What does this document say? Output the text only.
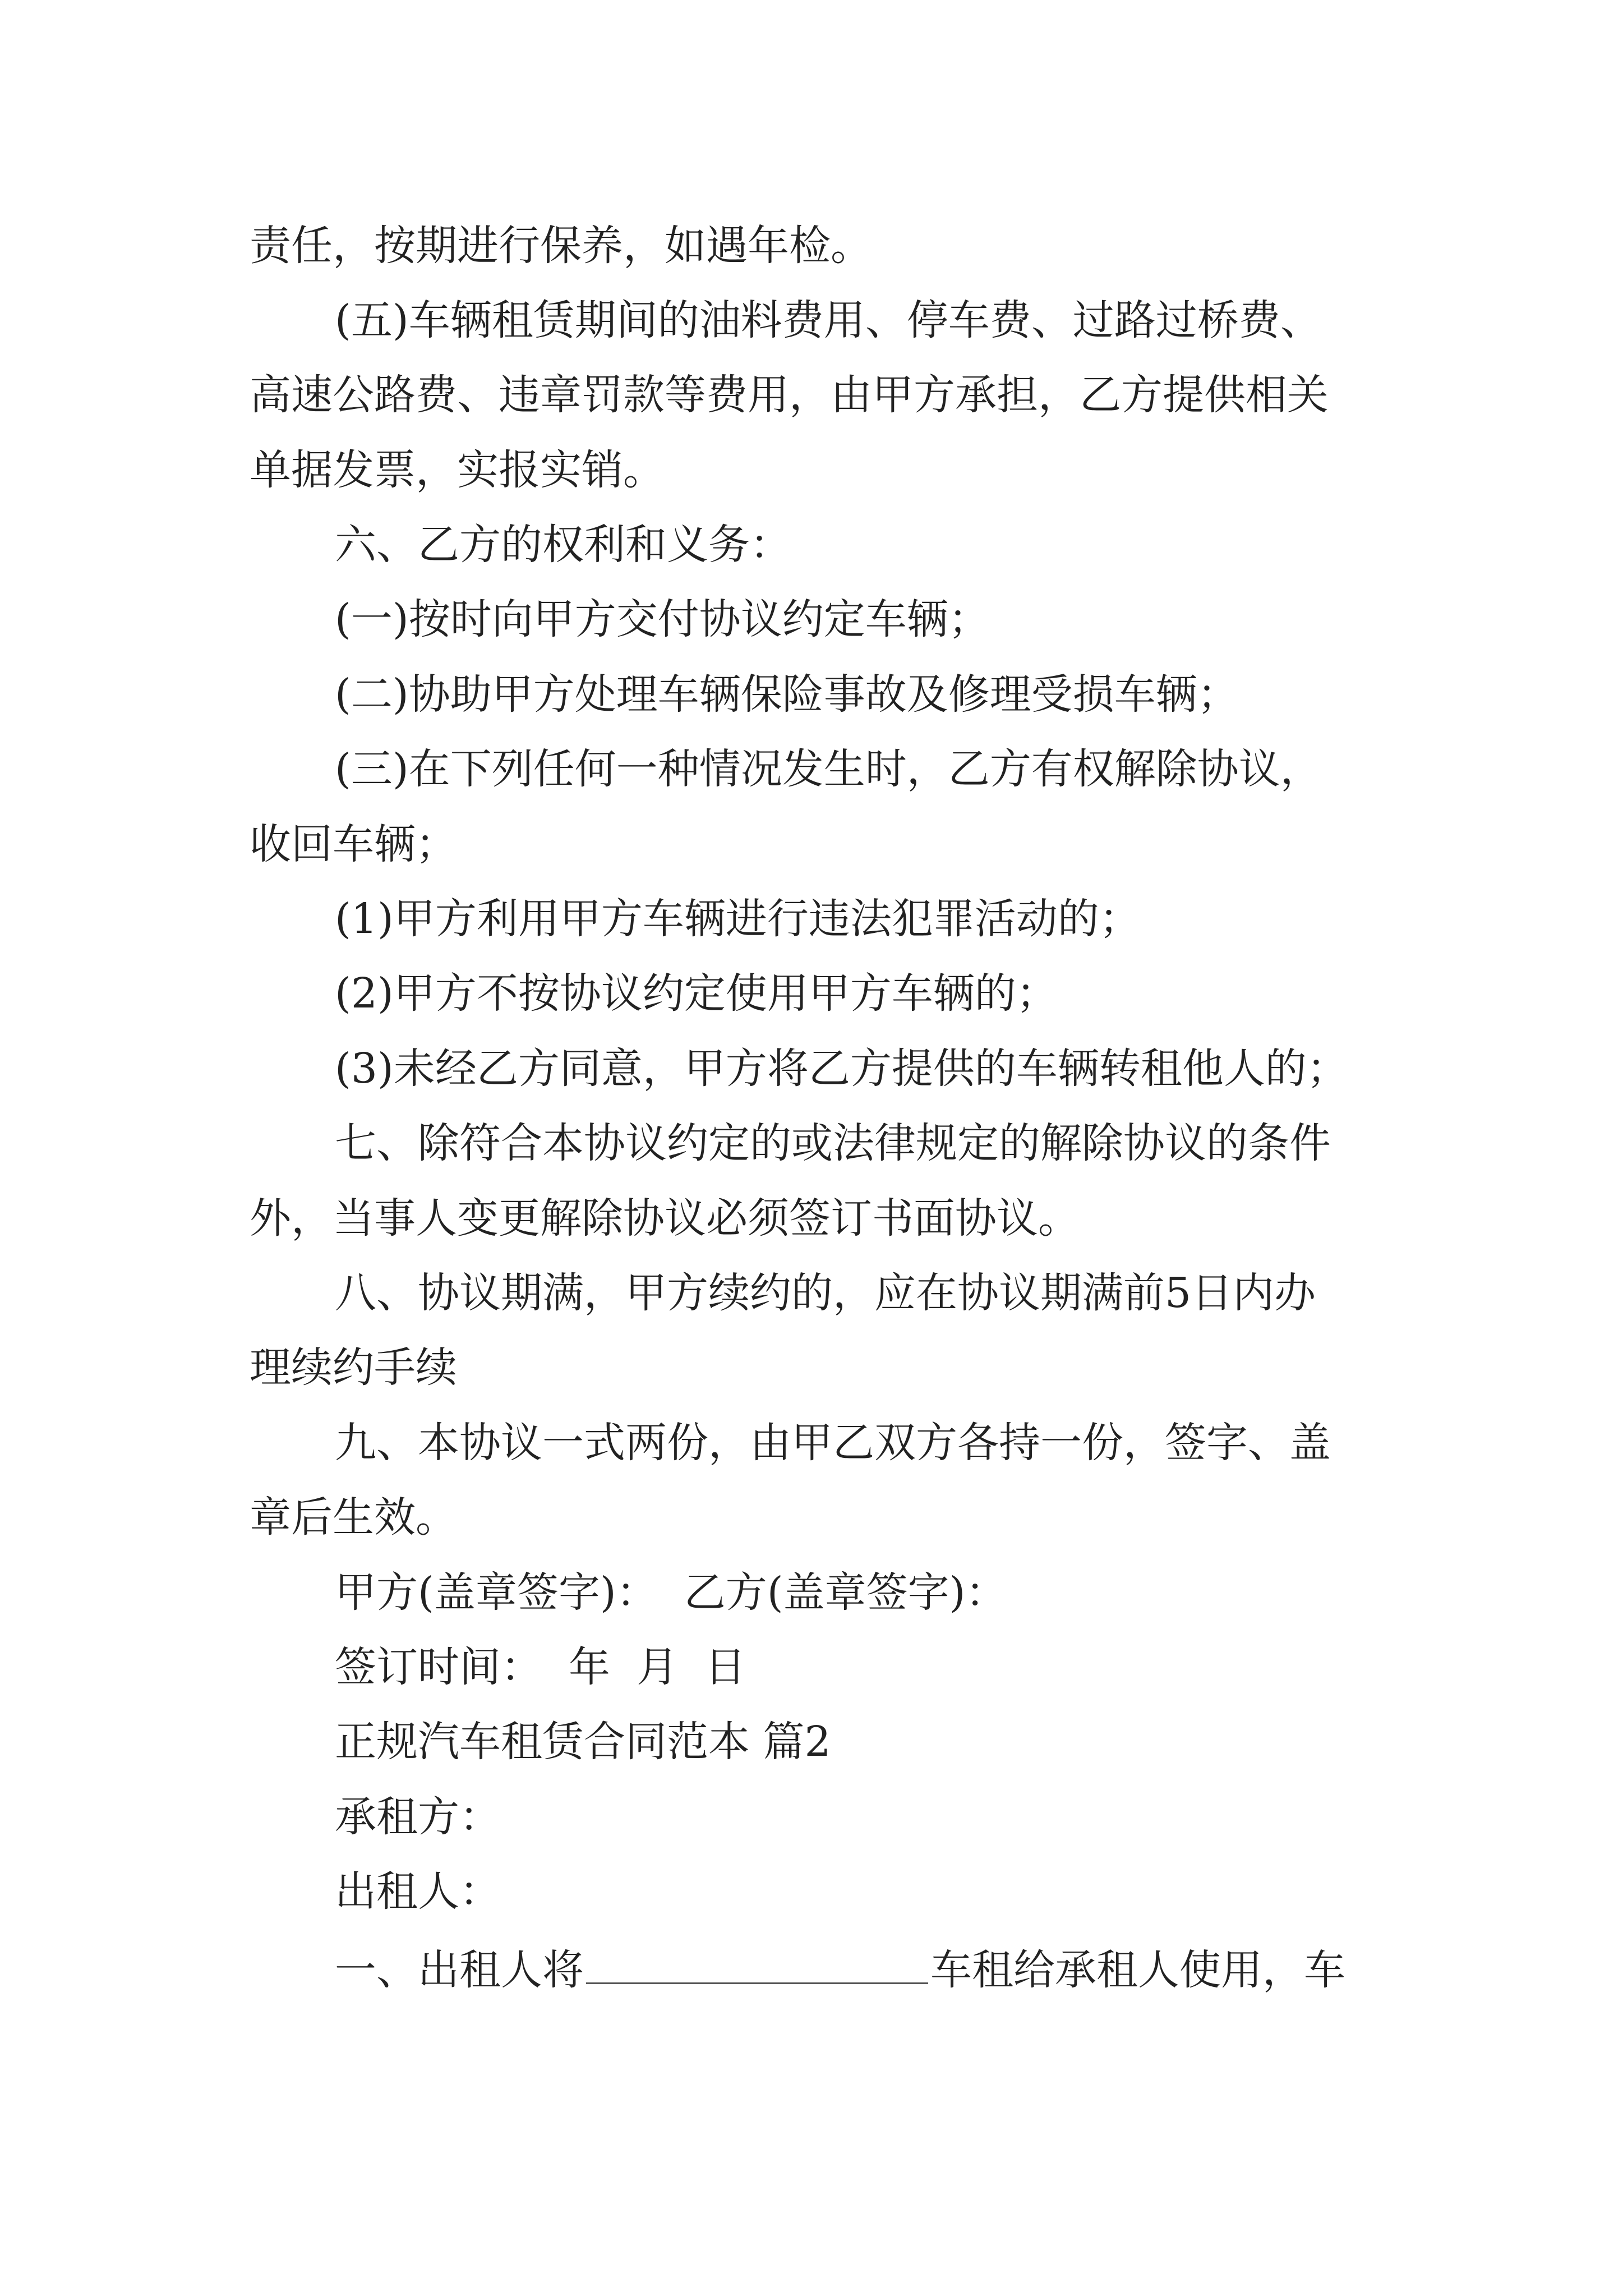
责任，按期进行保养，如遇年检。

(五)车辆租赁期间的油料费用、停车费、过路过桥费、

高速公路费、违章罚款等费用，由甲方承担，乙方提供相关

单据发票，实报实销。

六、乙方的权利和义务：

(一)按时向甲方交付协议约定车辆；

(二)协助甲方处理车辆保险事故及修理受损车辆；

(三)在下列任何一种情况发生时，乙方有权解除协议，

收回车辆；

(1)甲方利用甲方车辆进行违法犯罪活动的；

(2)甲方不按协议约定使用甲方车辆的；

(3)未经乙方同意，甲方将乙方提供的车辆转租他人的；

七、除符合本协议约定的或法律规定的解除协议的条件

外，当事人变更解除协议必须签订书面协议。

八、协议期满，甲方续约的，应在协议期满前5日内办

理续约手续

九、本协议一式两份，由甲乙双方各持一份，签字、盖

章后生效。

甲方(盖章签字)：  乙方(盖章签字)：

签订时间：  年  月  日

正规汽车租赁合同范本 篇2

承租方：

出租人：

一、出租人将	车租给承租人使用，车
